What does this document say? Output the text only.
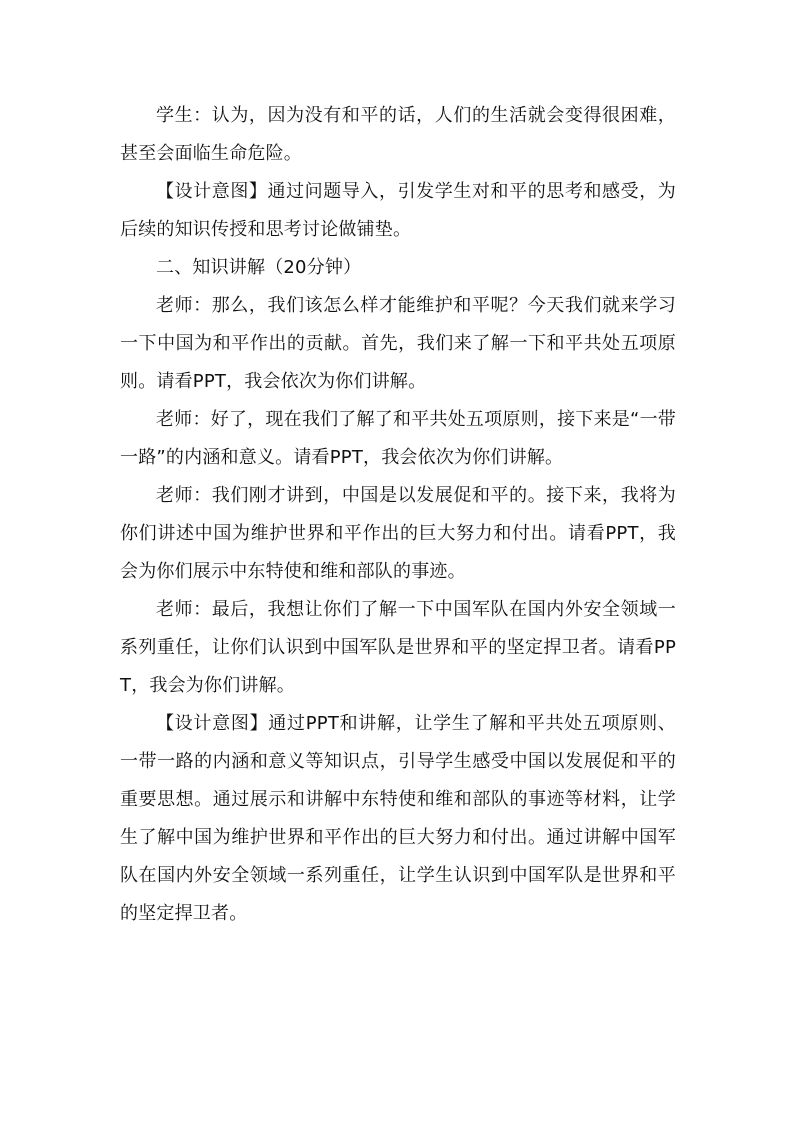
学生：认为，因为没有和平的话，人们的生活就会变得很困难，甚至会面临生命危险。

【设计意图】通过问题导入，引发学生对和平的思考和感受，为后续的知识传授和思考讨论做铺垫。

二、知识讲解（20分钟）

老师：那么，我们该怎么样才能维护和平呢？今天我们就来学习一下中国为和平作出的贡献。首先，我们来了解一下和平共处五项原则。请看PPT，我会依次为你们讲解。

老师：好了，现在我们了解了和平共处五项原则，接下来是“一带一路”的内涵和意义。请看PPT，我会依次为你们讲解。

老师：我们刚才讲到，中国是以发展促和平的。接下来，我将为你们讲述中国为维护世界和平作出的巨大努力和付出。请看PPT，我会为你们展示中东特使和维和部队的事迹。

老师：最后，我想让你们了解一下中国军队在国内外安全领域一系列重任，让你们认识到中国军队是世界和平的坚定捍卫者。请看PPT，我会为你们讲解。

【设计意图】通过PPT和讲解，让学生了解和平共处五项原则、一带一路的内涵和意义等知识点，引导学生感受中国以发展促和平的重要思想。通过展示和讲解中东特使和维和部队的事迹等材料，让学生了解中国为维护世界和平作出的巨大努力和付出。通过讲解中国军队在国内外安全领域一系列重任，让学生认识到中国军队是世界和平的坚定捍卫者。
